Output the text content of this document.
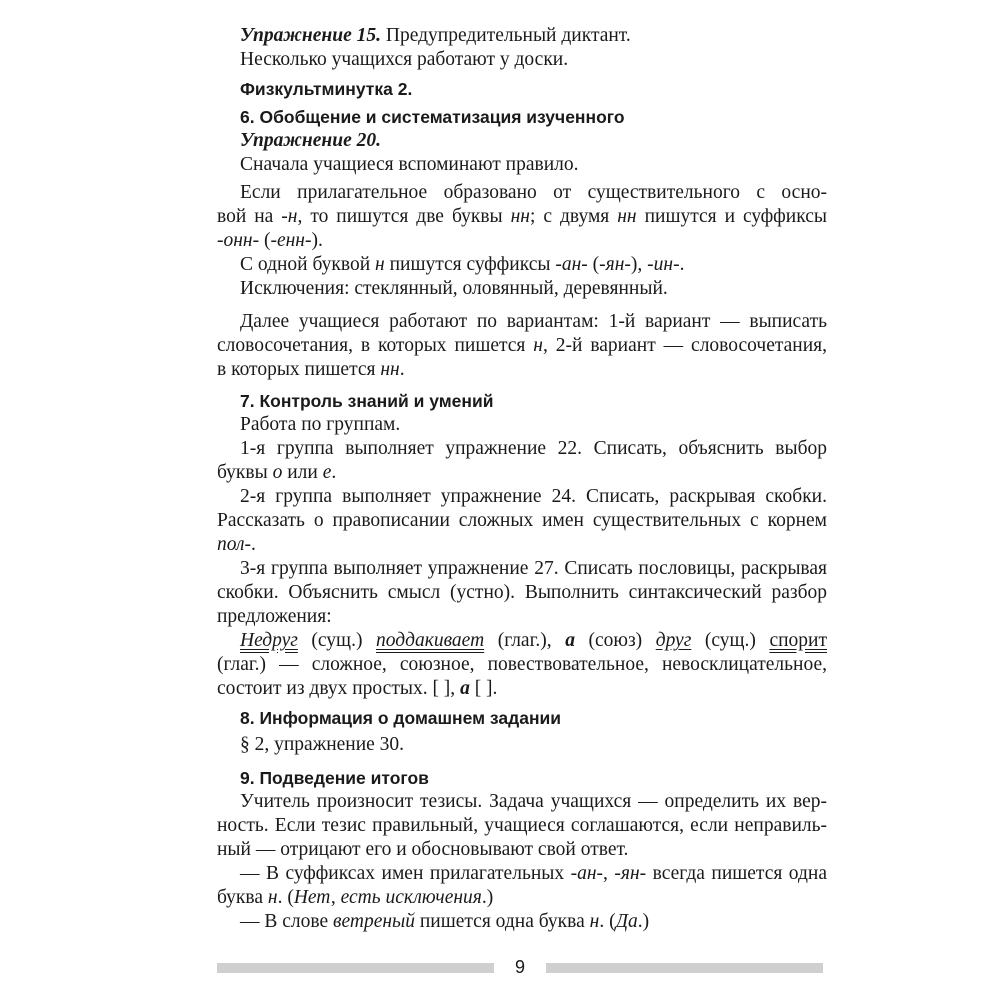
Упражнение 15. Предупредительный диктант.
Несколько учащихся работают у доски.
Физкультминутка 2.
6. Обобщение и систематизация изученного
Упражнение 20.
Сначала учащиеся вспоминают правило.
Если прилагательное образовано от существительного с осно-
вой на -н, то пишутся две буквы нн; с двумя нн пишутся и суффиксы
-онн- (-енн-).
С одной буквой н пишутся суффиксы -ан- (-ян-), -ин-.
Исключения: стеклянный, оловянный, деревянный.
Далее учащиеся работают по вариантам: 1-й вариант — выписать
словосочетания, в которых пишется н, 2-й вариант — словосочетания,
в которых пишется нн.
7. Контроль знаний и умений
Работа по группам.
1-я группа выполняет упражнение 22. Списать, объяснить выбор
буквы о или е.
2-я группа выполняет упражнение 24. Списать, раскрывая скобки.
Рассказать о правописании сложных имен существительных с корнем
пол-.
3-я группа выполняет упражнение 27. Списать пословицы, раскрывая
скобки. Объяснить смысл (устно). Выполнить синтаксический разбор
предложения:
Недруг (сущ.) поддакивает (глаг.), а (союз) друг (сущ.) спорит
(глаг.) — сложное, союзное, повествовательное, невосклицательное,
состоит из двух простых. [ ], а [ ].
8. Информация о домашнем задании
§ 2, упражнение 30.
9. Подведение итогов
Учитель произносит тезисы. Задача учащихся — определить их вер-
ность. Если тезис правильный, учащиеся соглашаются, если неправиль-
ный — отрицают его и обосновывают свой ответ.
— В суффиксах имен прилагательных -ан-, -ян- всегда пишется одна
буква н. (Нет, есть исключения.)
— В слове ветреный пишется одна буква н. (Да.)
9
